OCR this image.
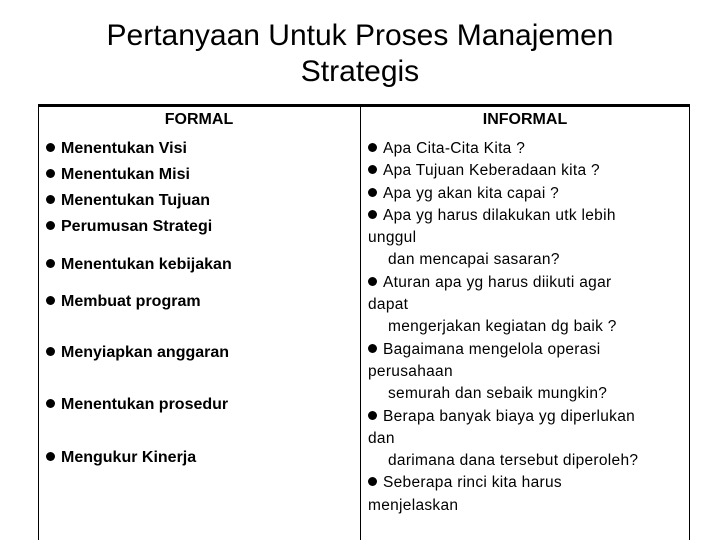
Pertanyaan Untuk Proses Manajemen
Strategis
FORMAL	INFORMAL
Menentukan Visi
Menentukan Misi
Menentukan Tujuan
Perumusan Strategi
Menentukan kebijakan
Membuat program
Menyiapkan anggaran
Menentukan prosedur
Mengukur Kinerja
Apa Cita-Cita Kita ?
Apa Tujuan Keberadaan kita ?
Apa yg akan kita capai ?
Apa yg harus dilakukan utk lebih
unggul
dan mencapai sasaran?
Aturan apa yg harus diikuti agar
dapat
mengerjakan kegiatan dg baik ?
Bagaimana mengelola operasi
perusahaan
semurah dan sebaik mungkin?
Berapa banyak biaya yg diperlukan
dan
darimana dana tersebut diperoleh?
Seberapa rinci kita harus
menjelaskan
